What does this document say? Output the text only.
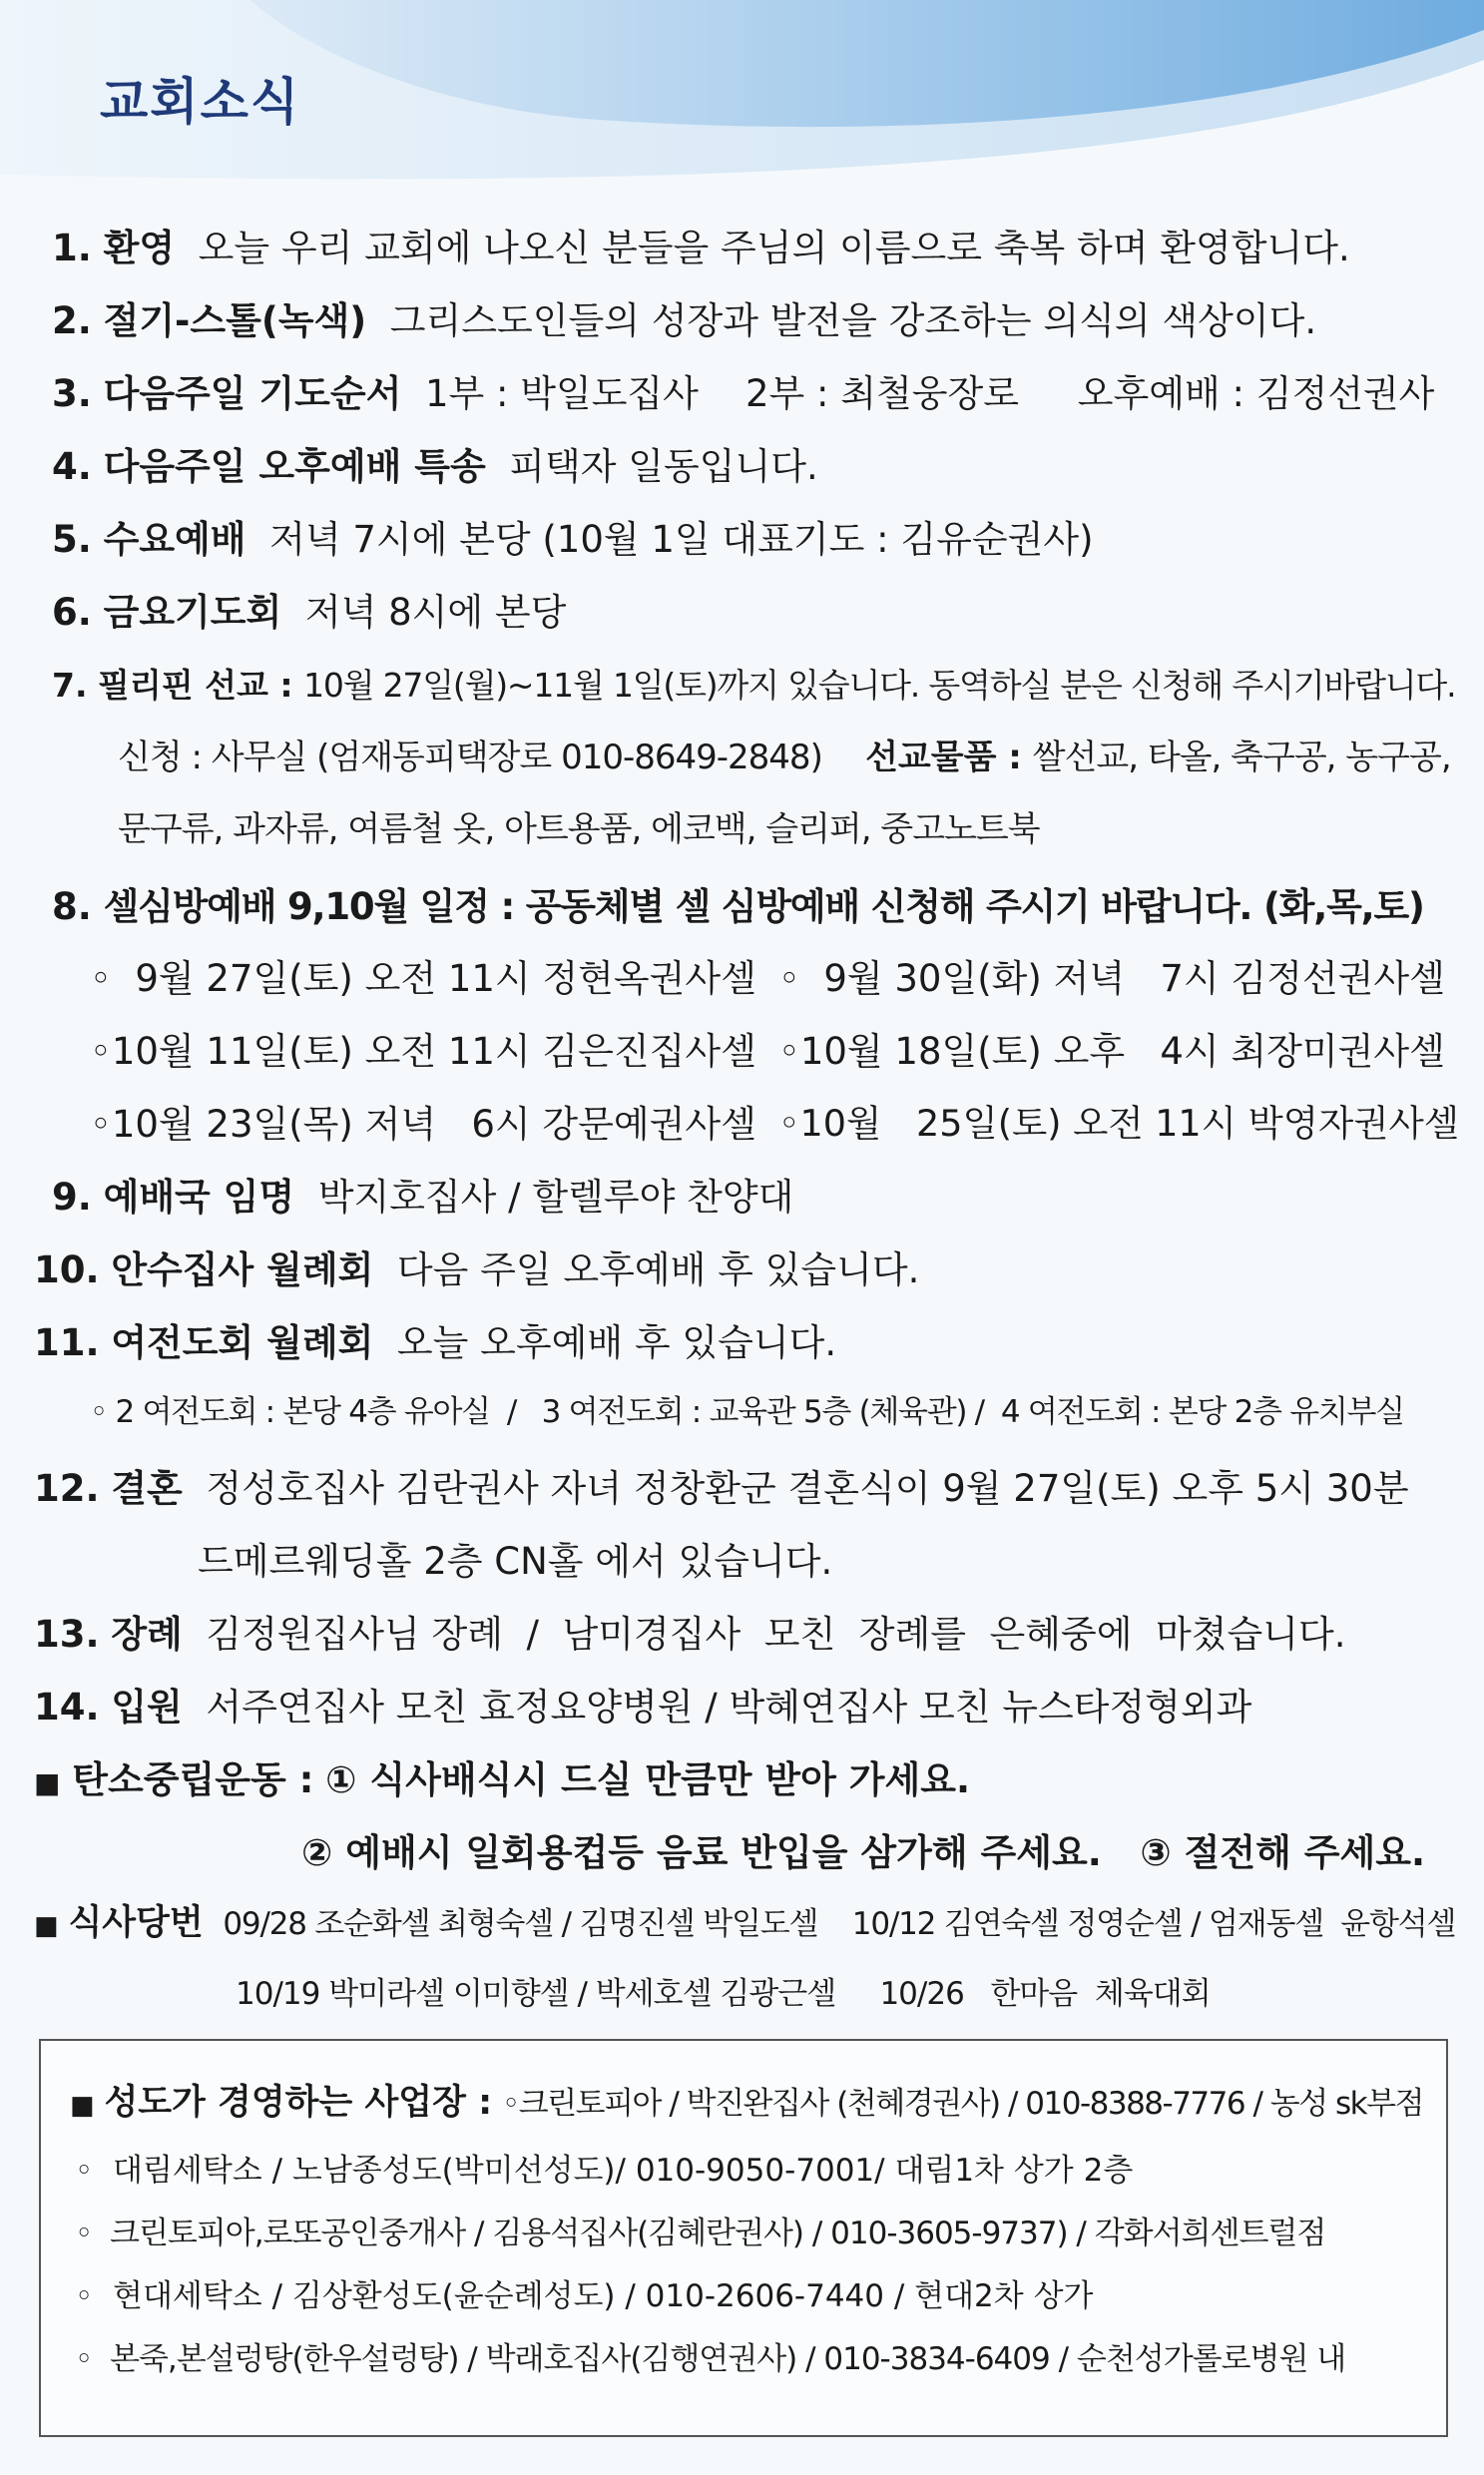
교회소식
1. 환영 오늘 우리 교회에 나오신 분들을 주님의 이름으로 축복 하며 환영합니다.
2. 절기-스톨(녹색) 그리스도인들의 성장과 발전을 강조하는 의식의 색상이다.
3. 다음주일 기도순서 1부 : 박일도집사    2부 : 최철웅장로     오후예배 : 김정선권사
4. 다음주일 오후예배 특송 피택자 일동입니다.
5. 수요예배 저녁 7시에 본당 (10월 1일 대표기도 : 김유순권사)
6. 금요기도회 저녁 8시에 본당
7. 필리핀 선교 : 10월 27일(월)~11월 1일(토)까지 있습니다. 동역하실 분은 신청해 주시기바랍니다.
신청 : 사무실 (엄재동피택장로 010-8649-2848) 선교물품 : 쌀선교, 타올, 축구공, 농구공,
문구류, 과자류, 여름철 옷, 아트용품, 에코백, 슬리퍼, 중고노트북
8. 셀심방예배 9,10월 일정 : 공동체별 셀 심방예배 신청해 주시기 바랍니다. (화,목,토)
◦  9월 27일(토) 오전 11시 정현옥권사셀 ◦  9월 30일(화) 저녁   7시 김정선권사셀
◦10월 11일(토) 오전 11시 김은진집사셀 ◦10월 18일(토) 오후   4시 최장미권사셀
◦10월 23일(목) 저녁   6시 강문예권사셀 ◦10월   25일(토) 오전 11시 박영자권사셀
9. 예배국 임명 박지호집사 / 할렐루야 찬양대
10. 안수집사 월례회 다음 주일 오후예배 후 있습니다.
11. 여전도회 월례회 오늘 오후예배 후 있습니다.
◦ 2 여전도회 : 본당 4층 유아실  /   3 여전도회 : 교육관 5층 (체육관) /  4 여전도회 : 본당 2층 유치부실
12. 결혼 정성호집사 김란권사 자녀 정창환군 결혼식이 9월 27일(토) 오후 5시 30분
드메르웨딩홀 2층 CN홀 에서 있습니다.
13. 장례 김정원집사님 장례  /  남미경집사  모친  장례를  은혜중에  마쳤습니다.
14. 입원 서주연집사 모친 효정요양병원 / 박혜연집사 모친 뉴스타정형외과
■ 탄소중립운동 : ① 식사배식시 드실 만큼만 받아 가세요.
② 예배시 일회용컵등 음료 반입을 삼가해 주세요.   ③ 절전해 주세요.
■ 식사당번 09/28 조순화셀 최형숙셀 / 김명진셀 박일도셀    10/12 김연숙셀 정영순셀 / 엄재동셀  윤항석셀
10/19 박미라셀 이미향셀 / 박세호셀 김광근셀     10/26   한마음  체육대회
■ 성도가 경영하는 사업장 : ◦크린토피아 / 박진완집사 (천혜경권사) / 010-8388-7776 / 농성 sk부점
◦  대림세탁소 / 노남종성도(박미선성도)/ 010-9050-7001/ 대림1차 상가 2층
◦  크린토피아,로또공인중개사 / 김용석집사(김혜란권사) / 010-3605-9737) / 각화서희센트럴점
◦  현대세탁소 / 김상환성도(윤순례성도) / 010-2606-7440 / 현대2차 상가
◦  본죽,본설렁탕(한우설렁탕) / 박래호집사(김행연권사) / 010-3834-6409 / 순천성가롤로병원 내
